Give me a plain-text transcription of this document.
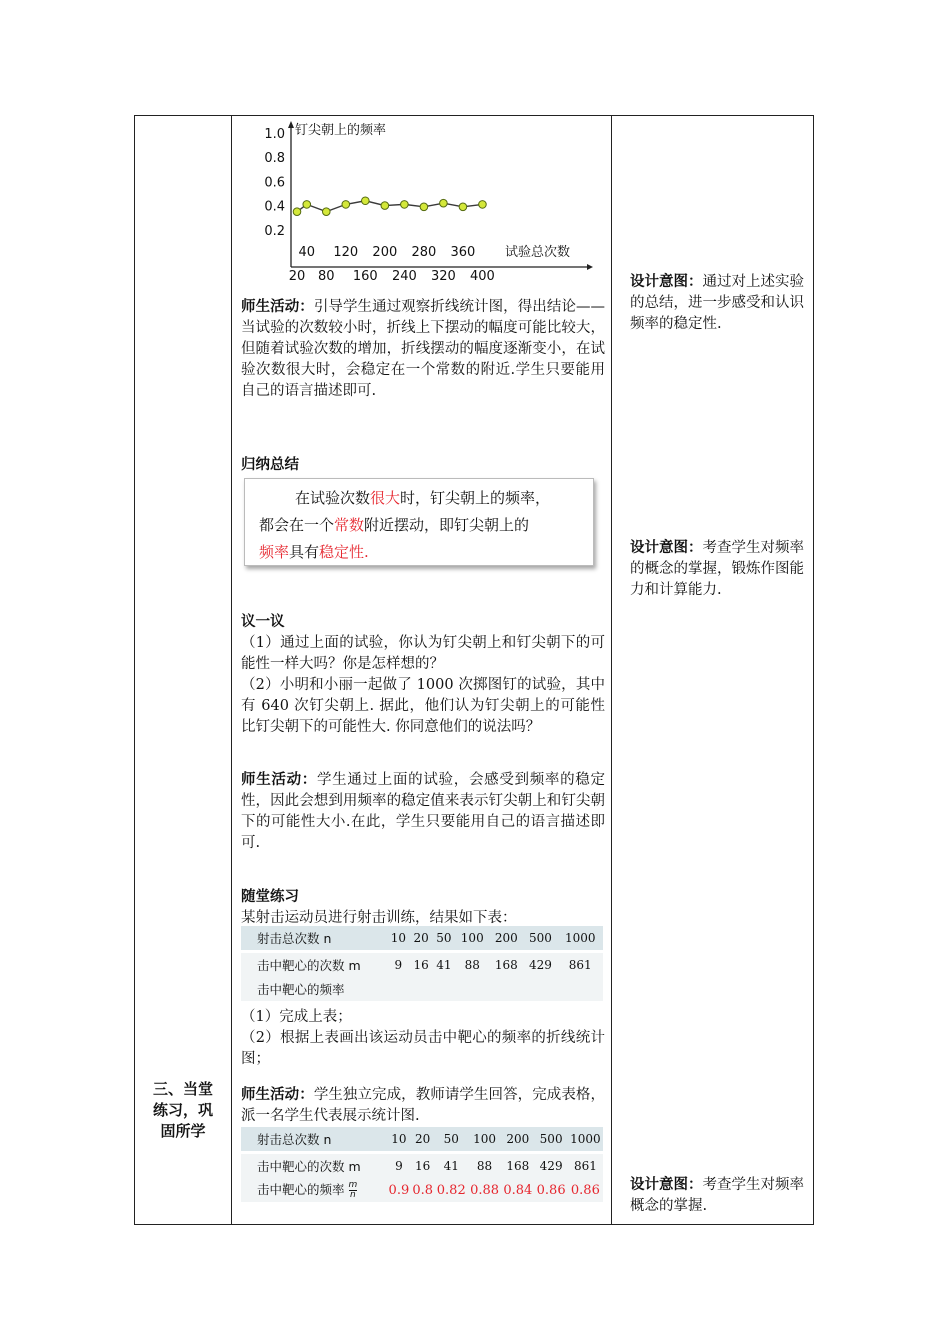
三、当堂练习，巩固所学
1.0
0.8
0.6
0.4
0.2
钉尖朝上的频率
40 120 200 280 360
20 80 160 240 320 400
试验总次数
师生活动：引导学生通过观察折线统计图，得出结论——当试验的次数较小时，折线上下摆动的幅度可能比较大，但随着试验次数的增加，折线摆动的幅度逐渐变小，在试验次数很大时，会稳定在一个常数的附近.学生只要能用自己的语言描述即可.
归纳总结
在试验次数很大时，钉尖朝上的频率，
都会在一个常数附近摆动，即钉尖朝上的
频率具有稳定性.
议一议
（1）通过上面的试验，你认为钉尖朝上和钉尖朝下的可能性一样大吗？你是怎样想的？
（2）小明和小丽一起做了 1000 次掷图钉的试验，其中有 640 次钉尖朝上. 据此，他们认为钉尖朝上的可能性比钉尖朝下的可能性大. 你同意他们的说法吗？
师生活动：学生通过上面的试验，会感受到频率的稳定性，因此会想到用频率的稳定值来表示钉尖朝上和钉尖朝下的可能性大小.在此，学生只要能用自己的语言描述即可.
随堂练习
某射击运动员进行射击训练，结果如下表：
射击总次数 n	10	20	50	100	200	500	1000

击中靶心的次数 m	9	16	41	88	168	429	861
击中靶心的频率							
（1）完成上表；
（2）根据上表画出该运动员击中靶心的频率的折线统计图；
师生活动：学生独立完成，教师请学生回答，完成表格，派一名学生代表展示统计图.
射击总次数 n	10	20	50	100	200	500	1000

击中靶心的次数 m	9	16	41	88	168	429	861
击中靶心的频率 $\frac{m}{n}$	0.9	0.8	0.82	0.88	0.84	0.86	0.86
设计意图：通过对上述实验的总结，进一步感受和认识频率的稳定性.
设计意图：考查学生对频率的概念的掌握，锻炼作图能力和计算能力.
设计意图：考查学生对频率概念的掌握.
